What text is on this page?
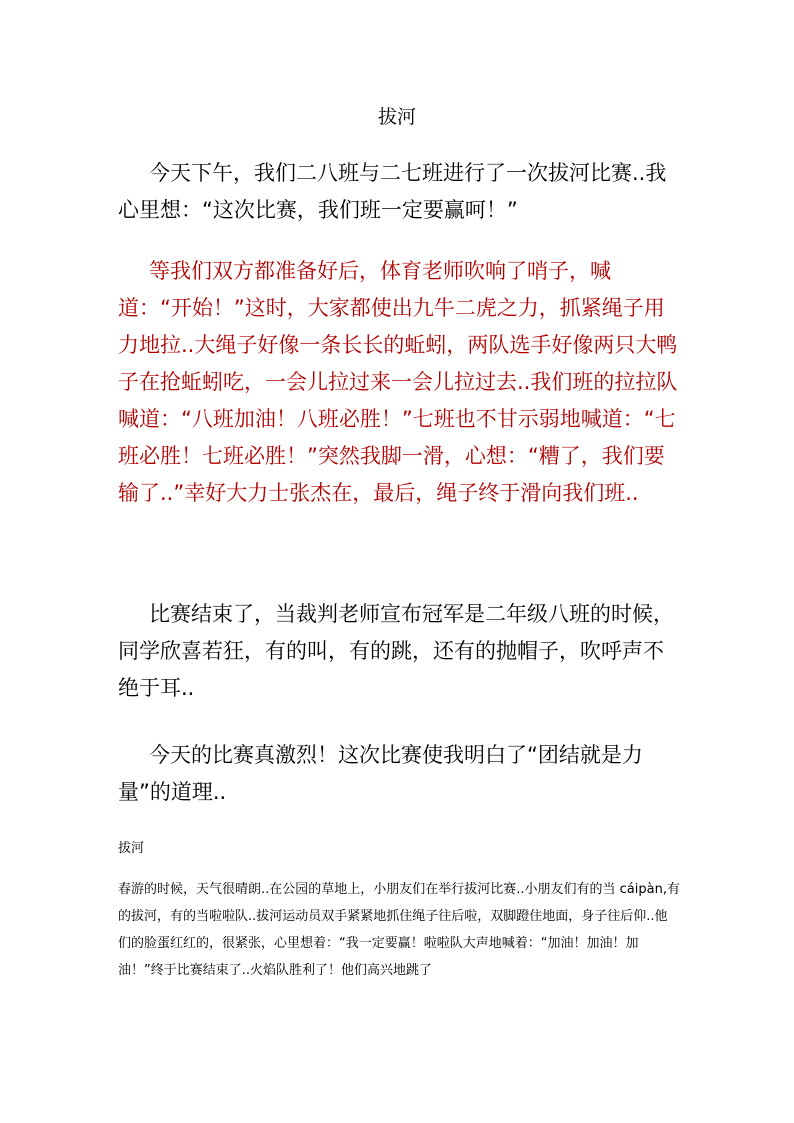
拔河

今天下午，我们二八班与二七班进行了一次拔河比赛..我心里想：“这次比赛，我们班一定要赢呵！”

等我们双方都准备好后，体育老师吹响了哨子，喊道：“开始！”这时，大家都使出九牛二虎之力，抓紧绳子用力地拉..大绳子好像一条长长的蚯蚓，两队选手好像两只大鸭子在抢蚯蚓吃，一会儿拉过来一会儿拉过去..我们班的拉拉队喊道：“八班加油！八班必胜！”七班也不甘示弱地喊道：“七班必胜！七班必胜！”突然我脚一滑，心想：“糟了，我们要输了..”幸好大力士张杰在，最后，绳子终于滑向我们班..

比赛结束了，当裁判老师宣布冠军是二年级八班的时候，同学欣喜若狂，有的叫，有的跳，还有的抛帽子，吹呼声不绝于耳..

今天的比赛真激烈！这次比赛使我明白了“团结就是力量”的道理..

拔河

春游的时候，天气很晴朗..在公园的草地上，小朋友们在举行拔河比赛..小朋友们有的当 cáipàn,有的拔河，有的当啦啦队..拔河运动员双手紧紧地抓住绳子往后啦，双脚蹬住地面，身子往后仰..他们的脸蛋红红的，很紧张，心里想着：“我一定要赢！啦啦队大声地喊着：“加油！加油！加油！”终于比赛结束了..火焰队胜利了！他们高兴地跳了
